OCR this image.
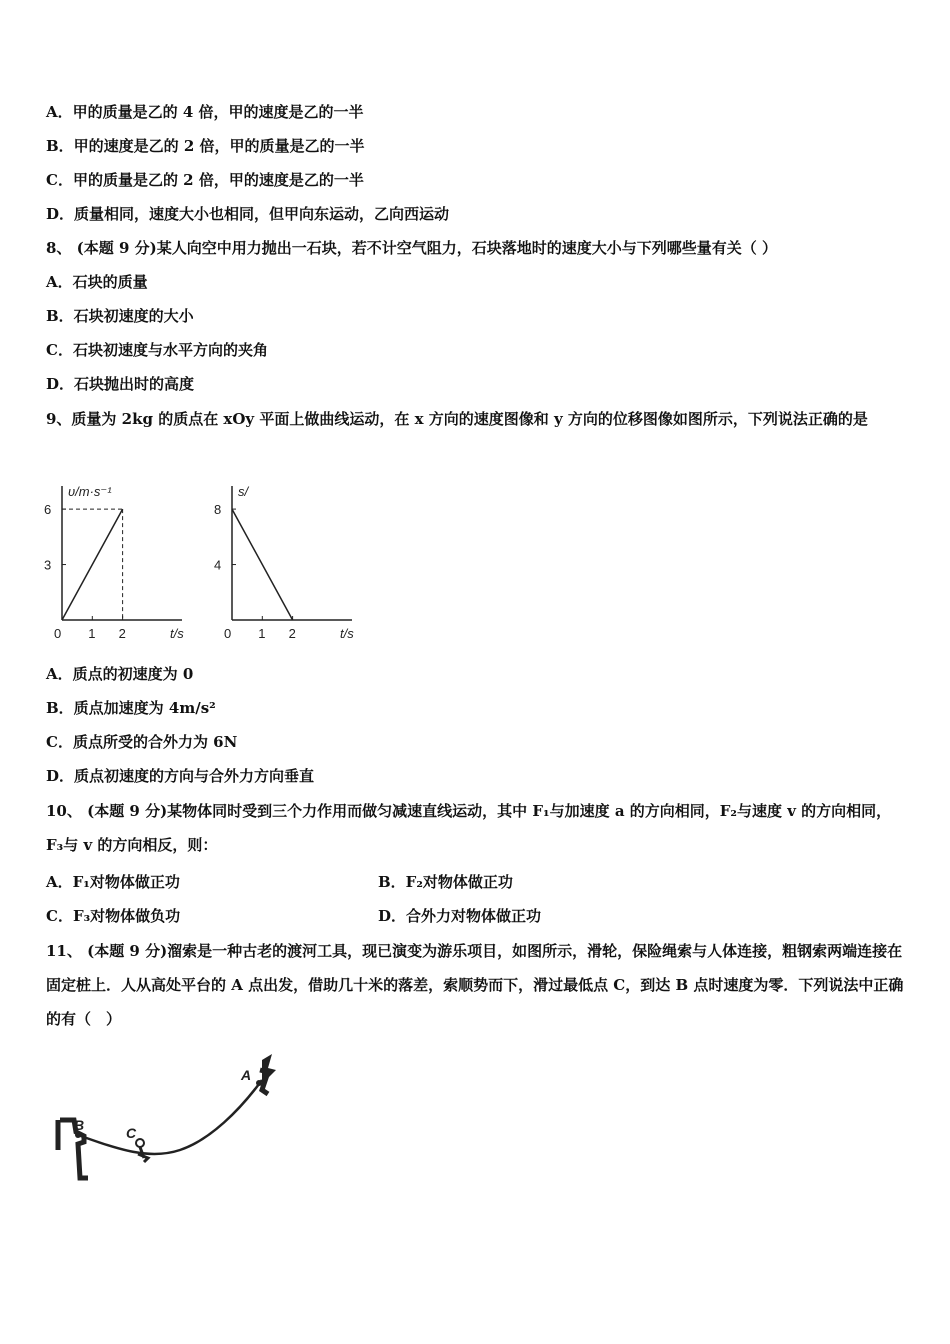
A．甲的质量是乙的 4 倍，甲的速度是乙的一半
B．甲的速度是乙的 2 倍，甲的质量是乙的一半
C．甲的质量是乙的 2 倍，甲的速度是乙的一半
D．质量相同，速度大小也相同，但甲向东运动，乙向西运动
8、 (本题 9 分)某人向空中用力抛出一石块，若不计空气阻力，石块落地时的速度大小与下列哪些量有关（ ）
A．石块的质量
B．石块初速度的大小
C．石块初速度与水平方向的夹角
D．石块抛出时的高度
9、质量为 2kg 的质点在 xOy 平面上做曲线运动，在 x 方向的速度图像和 y 方向的位移图像如图所示，下列说法正确的是
t/s
υ/m·s⁻¹
0 1 2
3
6
t/s
s/
0 1 2
4
8
A．质点的初速度为 0
B．质点加速度为 4m/s²
C．质点所受的合外力为 6N
D．质点初速度的方向与合外力方向垂直
10、 (本题 9 分)某物体同时受到三个力作用而做匀减速直线运动，其中 F₁与加速度 a 的方向相同，F₂与速度 v 的方向相同，F₃与 v 的方向相反，则：
A．F₁对物体做正功	B．F₂对物体做正功
C．F₃对物体做负功	D．合外力对物体做正功
11、 (本题 9 分)溜索是一种古老的渡河工具，现已演变为游乐项目，如图所示，滑轮，保险绳索与人体连接，粗钢索两端连接在固定桩上．人从高处平台的 A 点出发，借助几十米的落差，索顺势而下，滑过最低点 C，到达 B 点时速度为零．下列说法中正确的有（　）
A
B	C
